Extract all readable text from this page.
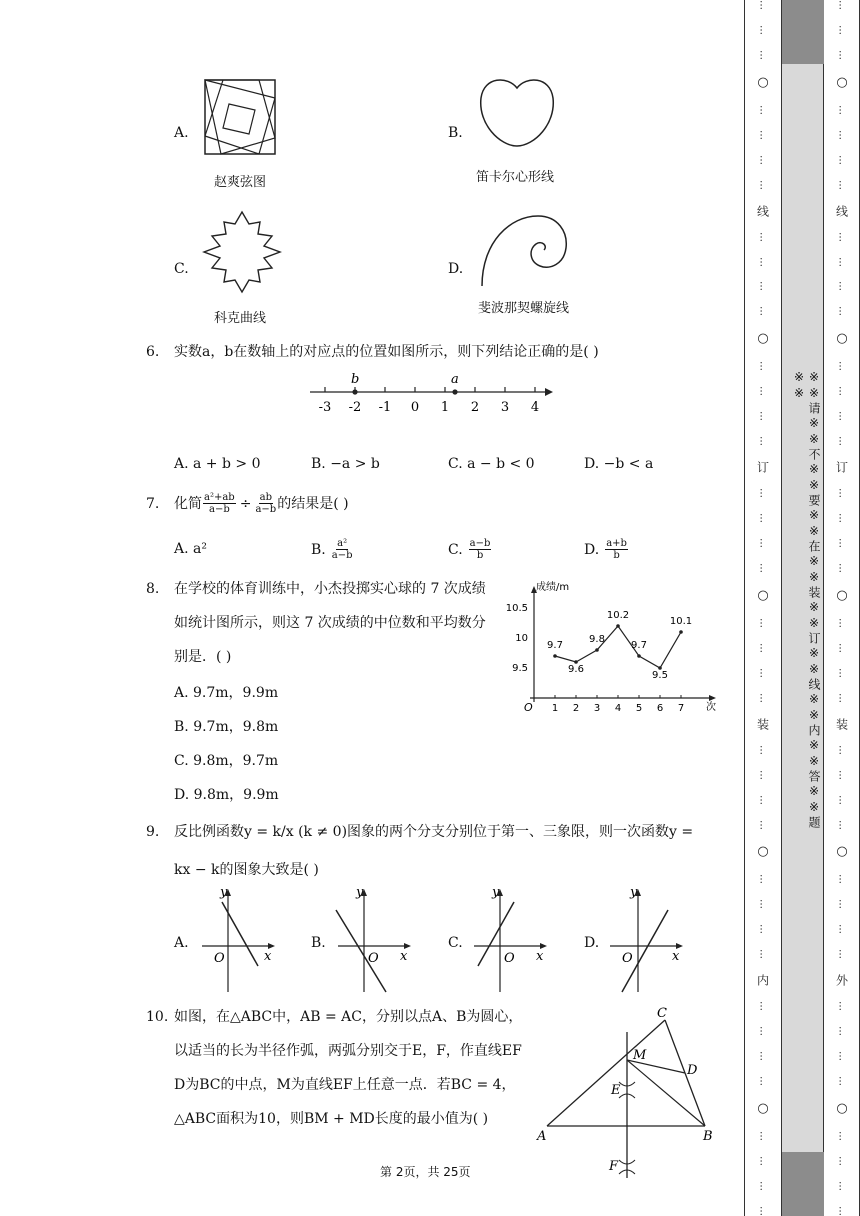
A.
赵爽弦图
B.
笛卡尔心形线
C.
科克曲线
D.
斐波那契螺旋线
6. 实数a，b在数轴上的对应点的位置如图所示，则下列结论正确的是( )
-3 -2 -1 0 1 2 3 4
b	a
A. a + b > 0	B. −a > b	C. a − b < 0	D. −b < a
7. 化简 $\frac{\text{a²+ab}}{a-b} \div \frac{ab}{a-b}$ 的结果是( )
A. a²	B. $\frac{\text{a²}}{a-b}$	C. $\frac{a-b}{b}$	D. $\frac{a+b}{b}$
8. 在学校的体育训练中，小杰投掷实心球的 7 次成绩
如统计图所示，则这 7 次成绩的中位数和平均数分
别是．( )
A. 9.7m，9.9m
B. 9.7m，9.8m
C. 9.8m，9.7m
D. 9.8m，9.9m
成绩/m
次
O
9.5
10
10.5
1 2 3 4 5 6 7
9.7
9.6
9.8
10.2
9.7
9.5
10.1
9. 反比例函数y = k/x (k ≠ 0)图象的两个分支分别位于第一、三象限，则一次函数y =
kx − k的图象大致是( )
A.	B.	C.	D.
y
x
O
y
x
O
y
x
O
y
x
O
10. 如图，在△ABC中，AB = AC，分别以点A、B为圆心，
以适当的长为半径作弧，两弧分别交于E，F，作直线EF
D为BC的中点，M为直线EF上任意一点．若BC = 4，
△ABC面积为10，则BM + MD长度的最小值为( )
C
M
D
E
A	B
F
第 2页，共 25页
…
…
…
○
…
…
…
…
线
…
…
…
…
○
…
…
…
…
订
…
…
…
…
○
…
…
…
…
装
…
…
…
…
○
…
…
…
…
内
…
…
…
…
○
…
…
…
…
…
…
…
○
…
…
…
…
线
…
…
…
…
○
…
…
…
…
订
…
…
…
…
○
…
…
…
…
装
…
…
…
…
○
…
…
…
…
外
…
…
…
…
○
…
…
…
…
※※请※※不※※要※※在※※装※※订※※线※※内※※答※※题※※
